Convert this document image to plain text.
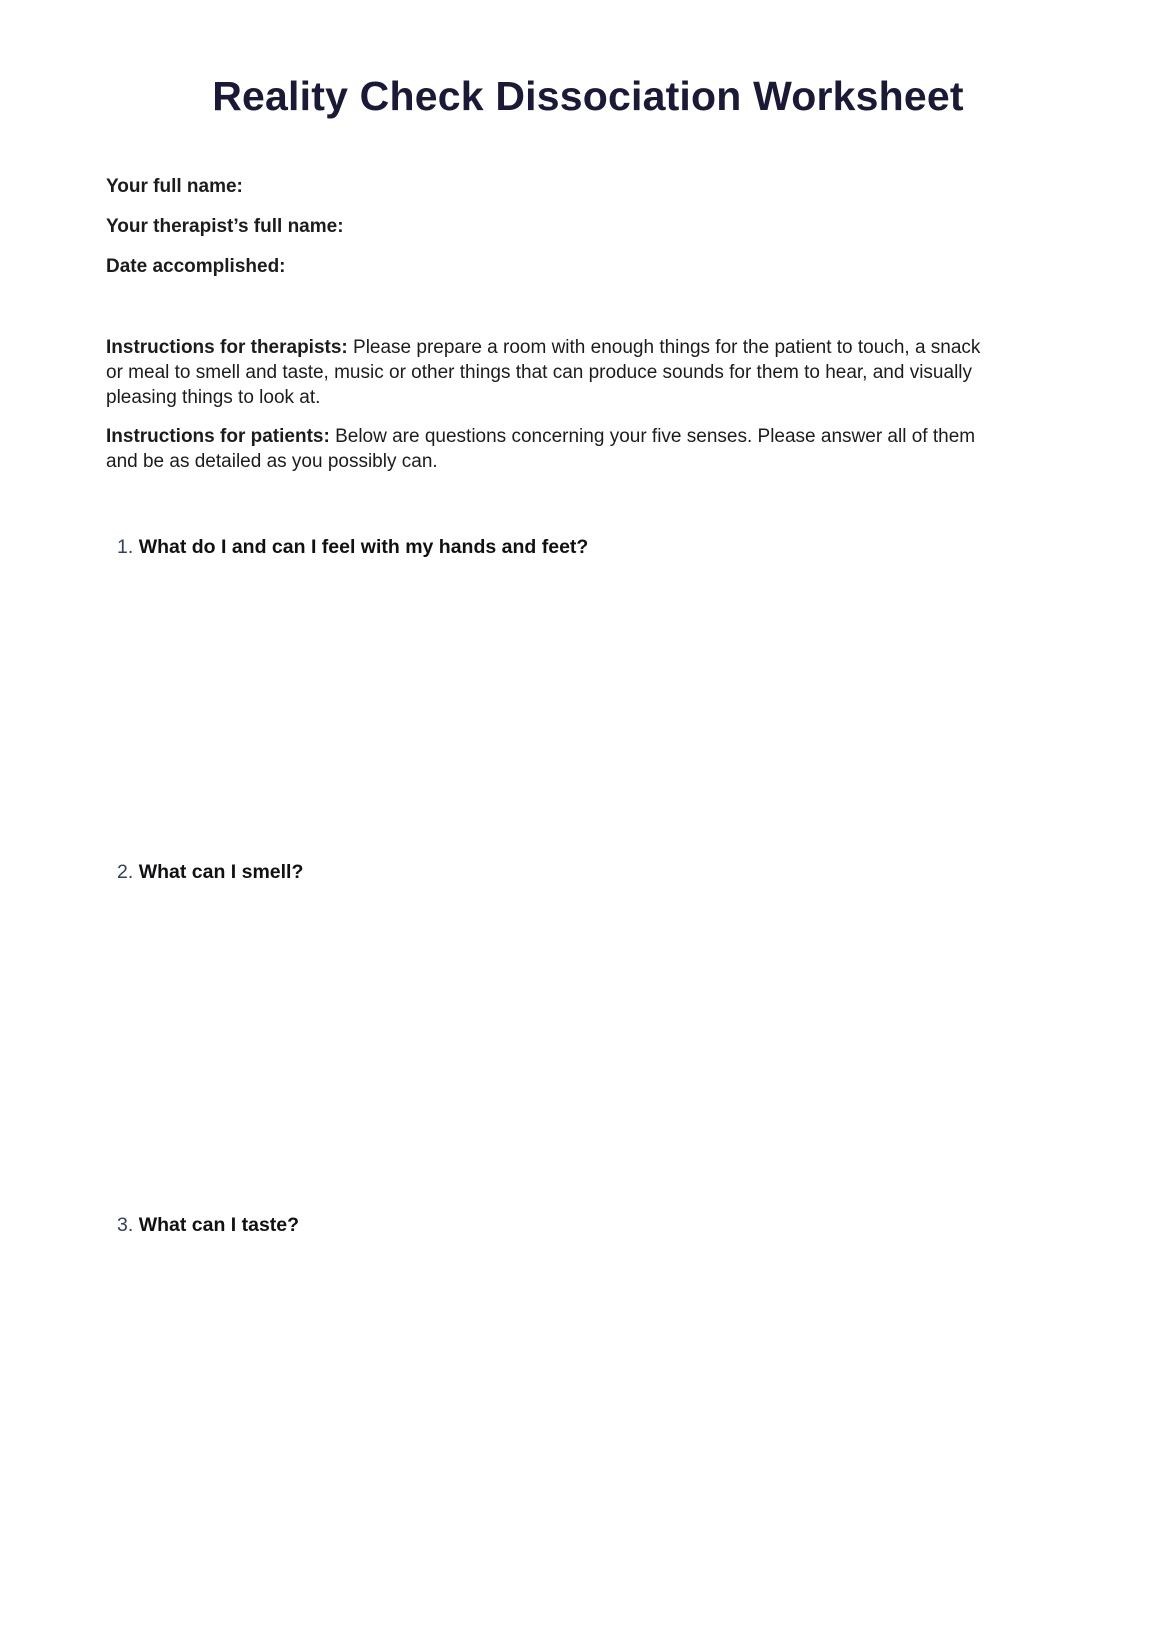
Reality Check Dissociation Worksheet
Your full name:
Your therapist’s full name:
Date accomplished:

Instructions for therapists: Please prepare a room with enough things for the patient to touch, a snack or meal to smell and taste, music or other things that can produce sounds for them to hear, and visually pleasing things to look at.

Instructions for patients: Below are questions concerning your five senses. Please answer all of them and be as detailed as you possibly can.

1. What do I and can I feel with my hands and feet?
2. What can I smell?
3. What can I taste?
